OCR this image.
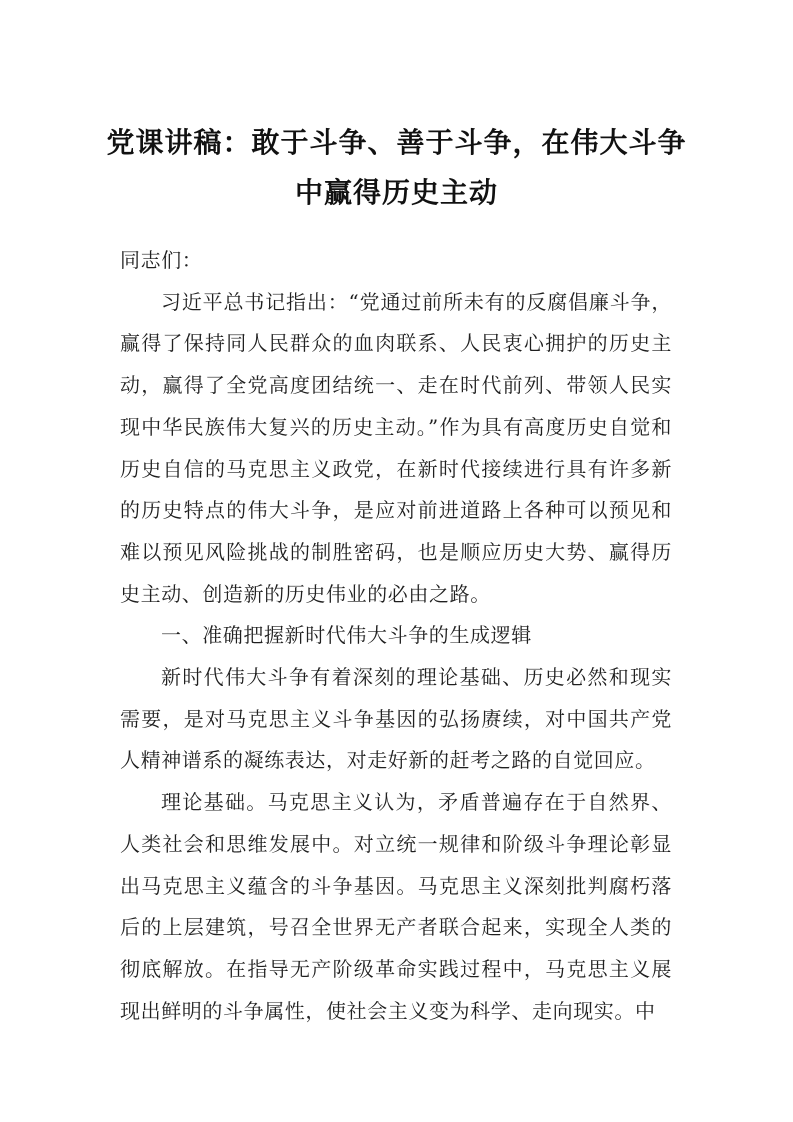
党课讲稿：敢于斗争、善于斗争，在伟大斗争中赢得历史主动

同志们：

习近平总书记指出：“党通过前所未有的反腐倡廉斗争，赢得了保持同人民群众的血肉联系、人民衷心拥护的历史主动，赢得了全党高度团结统一、走在时代前列、带领人民实现中华民族伟大复兴的历史主动。”作为具有高度历史自觉和历史自信的马克思主义政党，在新时代接续进行具有许多新的历史特点的伟大斗争，是应对前进道路上各种可以预见和难以预见风险挑战的制胜密码，也是顺应历史大势、赢得历史主动、创造新的历史伟业的必由之路。

一、准确把握新时代伟大斗争的生成逻辑

新时代伟大斗争有着深刻的理论基础、历史必然和现实需要，是对马克思主义斗争基因的弘扬赓续，对中国共产党人精神谱系的凝练表达，对走好新的赶考之路的自觉回应。

理论基础。马克思主义认为，矛盾普遍存在于自然界、人类社会和思维发展中。对立统一规律和阶级斗争理论彰显出马克思主义蕴含的斗争基因。马克思主义深刻批判腐朽落后的上层建筑，号召全世界无产者联合起来，实现全人类的彻底解放。在指导无产阶级革命实践过程中，马克思主义展现出鲜明的斗争属性，使社会主义变为科学、走向现实。中
